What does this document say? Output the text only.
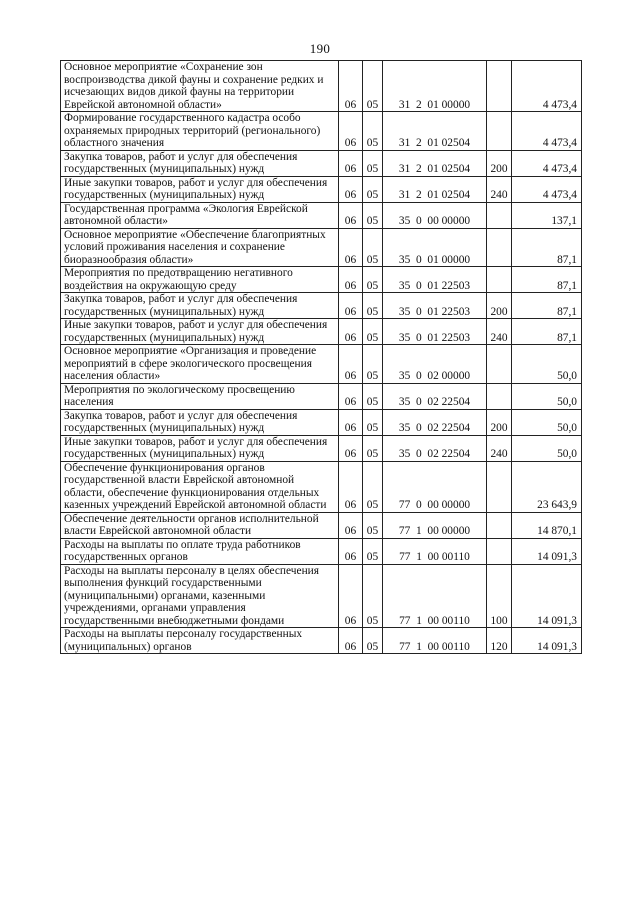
190
Основное мероприятие «Сохранение зон воспроизводства дикой фауны и сохранение редких и исчезающих видов дикой фауны на территории Еврейской автономной области»	06	05	31  2  01 00000		4 473,4
Формирование государственного кадастра особо охраняемых природных территорий (регионального) областного значения	06	05	31  2  01 02504		4 473,4
Закупка товаров, работ и услуг для обеспечения государственных (муниципальных) нужд	06	05	31  2  01 02504	200	4 473,4
Иные закупки товаров, работ и услуг для обеспечения государственных (муниципальных) нужд	06	05	31  2  01 02504	240	4 473,4
Государственная программа «Экология Еврейской автономной области»	06	05	35  0  00 00000		137,1
Основное мероприятие «Обеспечение благоприятных условий проживания населения и сохранение биоразнообразия области»	06	05	35  0  01 00000		87,1
Мероприятия по предотвращению негативного воздействия на окружающую среду	06	05	35  0  01 22503		87,1
Закупка товаров, работ и услуг для обеспечения государственных (муниципальных) нужд	06	05	35  0  01 22503	200	87,1
Иные закупки товаров, работ и услуг для обеспечения государственных (муниципальных) нужд	06	05	35  0  01 22503	240	87,1
Основное мероприятие «Организация и проведение мероприятий в сфере экологического просвещения населения области»	06	05	35  0  02 00000		50,0
Мероприятия по экологическому просвещению населения	06	05	35  0  02 22504		50,0
Закупка товаров, работ и услуг для обеспечения государственных (муниципальных) нужд	06	05	35  0  02 22504	200	50,0
Иные закупки товаров, работ и услуг для обеспечения государственных (муниципальных) нужд	06	05	35  0  02 22504	240	50,0
Обеспечение функционирования органов государственной власти Еврейской автономной области, обеспечение функционирования отдельных казенных учреждений Еврейской автономной области	06	05	77  0  00 00000		23 643,9
Обеспечение деятельности органов исполнительной власти Еврейской автономной области	06	05	77  1  00 00000		14 870,1
Расходы на выплаты по оплате труда работников государственных органов	06	05	77  1  00 00110		14 091,3
Расходы на выплаты персоналу в целях обеспечения выполнения функций государственными (муниципальными) органами, казенными учреждениями, органами управления государственными внебюджетными фондами	06	05	77  1  00 00110	100	14 091,3
Расходы на выплаты персоналу государственных (муниципальных) органов	06	05	77  1  00 00110	120	14 091,3
